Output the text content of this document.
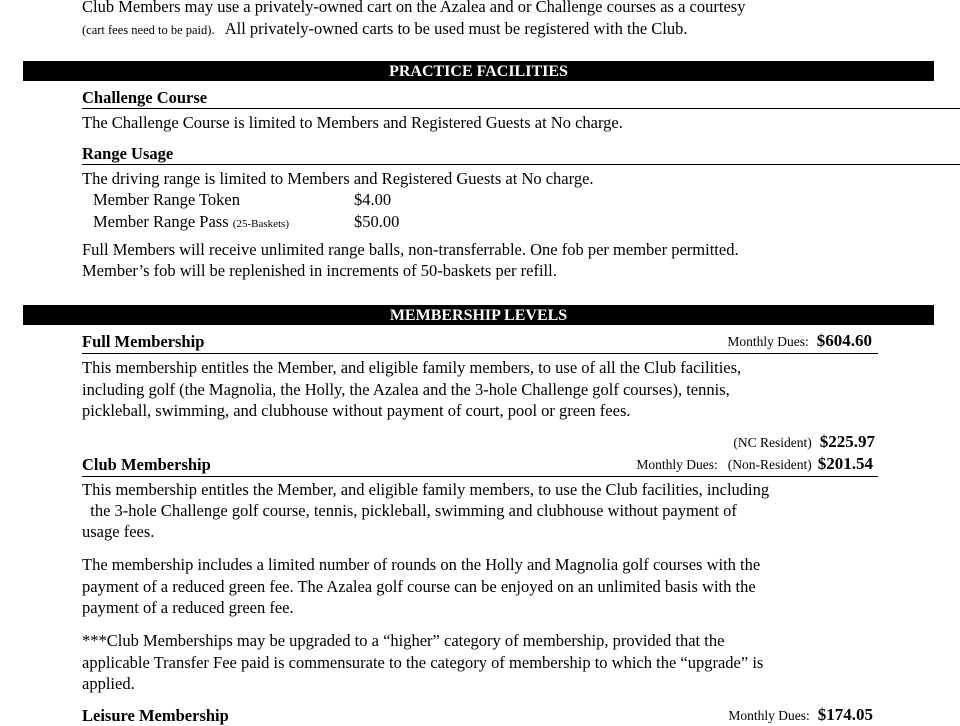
Club Members may use a privately-owned cart on the Azalea and or Challenge courses as a courtesy
(cart fees need to be paid). All privately-owned carts to be used must be registered with the Club.
PRACTICE FACILITIES
Challenge Course
The Challenge Course is limited to Members and Registered Guests at No charge.
Range Usage
The driving range is limited to Members and Registered Guests at No charge.
Member Range Token	$4.00
Member Range Pass (25-Baskets)	$50.00
Full Members will receive unlimited range balls, non-transferrable. One fob per member permitted.
Member’s fob will be replenished in increments of 50-baskets per refill.
MEMBERSHIP LEVELS
Full Membership	Monthly Dues: $604.60
This membership entitles the Member, and eligible family members, to use of all the Club facilities,
including golf (the Magnolia, the Holly, the Azalea and the 3-hole Challenge golf courses), tennis,
pickleball, swimming, and clubhouse without payment of court, pool or green fees.
(NC Resident) $225.97
Club Membership	Monthly Dues: (Non-Resident) $201.54
This membership entitles the Member, and eligible family members, to use the Club facilities, including
the 3-hole Challenge golf course, tennis, pickleball, swimming and clubhouse without payment of
usage fees.
The membership includes a limited number of rounds on the Holly and Magnolia golf courses with the
payment of a reduced green fee. The Azalea golf course can be enjoyed on an unlimited basis with the
payment of a reduced green fee.
***Club Memberships may be upgraded to a “higher” category of membership, provided that the
applicable Transfer Fee paid is commensurate to the category of membership to which the “upgrade” is
applied.
Leisure Membership	Monthly Dues: $174.05
